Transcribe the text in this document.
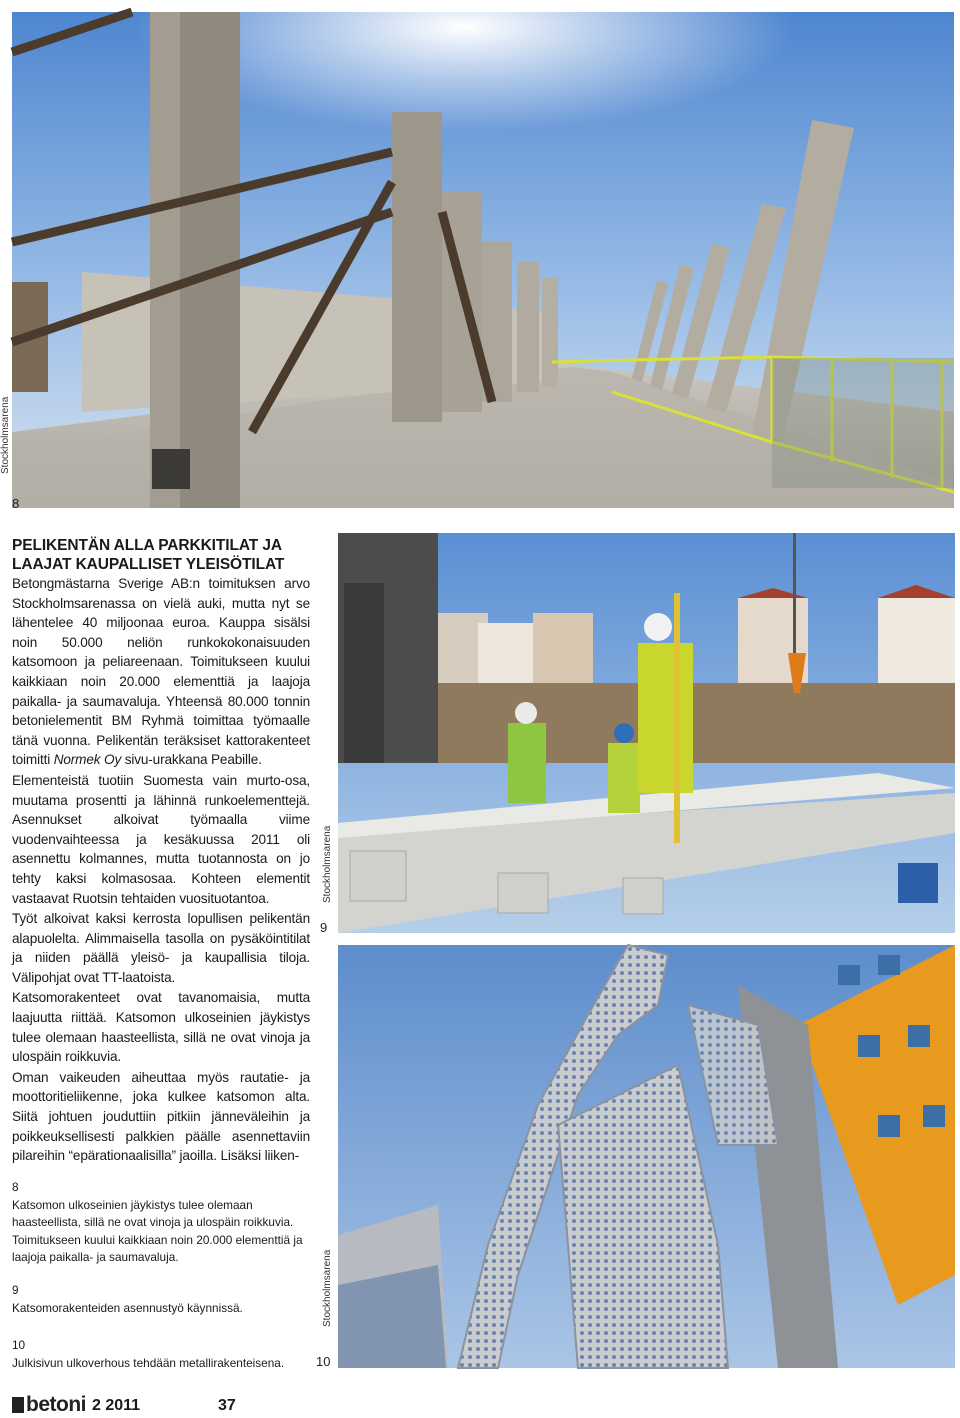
Stockholmsarena
8
PELIKENTÄN ALLA PARKKITILAT JA LAAJAT KAUPALLISET YLEISÖTILAT

Betongmästarna Sverige AB:n toimituksen arvo Stockholmsarenassa on vielä auki, mutta nyt se lähentelee 40 miljoonaa euroa. Kauppa sisälsi noin 50.000 neliön runkokokonaisuuden katsomoon ja peliareenaan. Toimitukseen kuului kaikkiaan noin 20.000 elementtiä ja laajoja paikalla- ja saumavaluja. Yhteensä 80.000 tonnin betonielementit BM Ryhmä toimittaa työmaalle tänä vuonna. Pelikentän teräksiset kattorakenteet toimitti Normek Oy sivu-urakkana Peabille.

Elementeistä tuotiin Suomesta vain murto-osa, muutama prosentti ja lähinnä runkoelementtejä. Asennukset alkoivat työmaalla viime vuodenvaihteessa ja kesäkuussa 2011 oli asennettu kolmannes, mutta tuotannosta on jo tehty kaksi kolmasosaa. Kohteen elementit vastaavat Ruotsin tehtaiden vuosituotantoa.

Työt alkoivat kaksi kerrosta lopullisen pelikentän alapuolelta. Alimmaisella tasolla on pysäköintitilat ja niiden päällä yleisö- ja kaupallisia tiloja. Välipohjat ovat TT-laatoista.

Katsomorakenteet ovat tavanomaisia, mutta laajuutta riittää. Katsomon ulkoseinien jäykistys tulee olemaan haasteellista, sillä ne ovat vinoja ja ulospäin roikkuvia.

Oman vaikeuden aiheuttaa myös rautatie- ja moottoritieliikenne, joka kulkee katsomon alta. Siitä johtuen jouduttiin pitkiin jänneväleihin ja poikkeuksellisesti palkkien päälle asennettaviin pilareihin “epärationaalisilla” jaoilla. Lisäksi liiken-

Stockholmsarena
9
Stockholmsarena
10
8
Katsomon ulkoseinien jäykistys tulee olemaan haasteellista, sillä ne ovat vinoja ja ulospäin roikkuvia. Toimitukseen kuului kaikkiaan noin 20.000 elementtiä ja laajoja paikalla- ja saumavaluja.
9
Katsomorakenteiden asennustyö käynnissä.
10
Julkisivun ulkoverhous tehdään metallirakenteisena.
betoni 2 2011	37
